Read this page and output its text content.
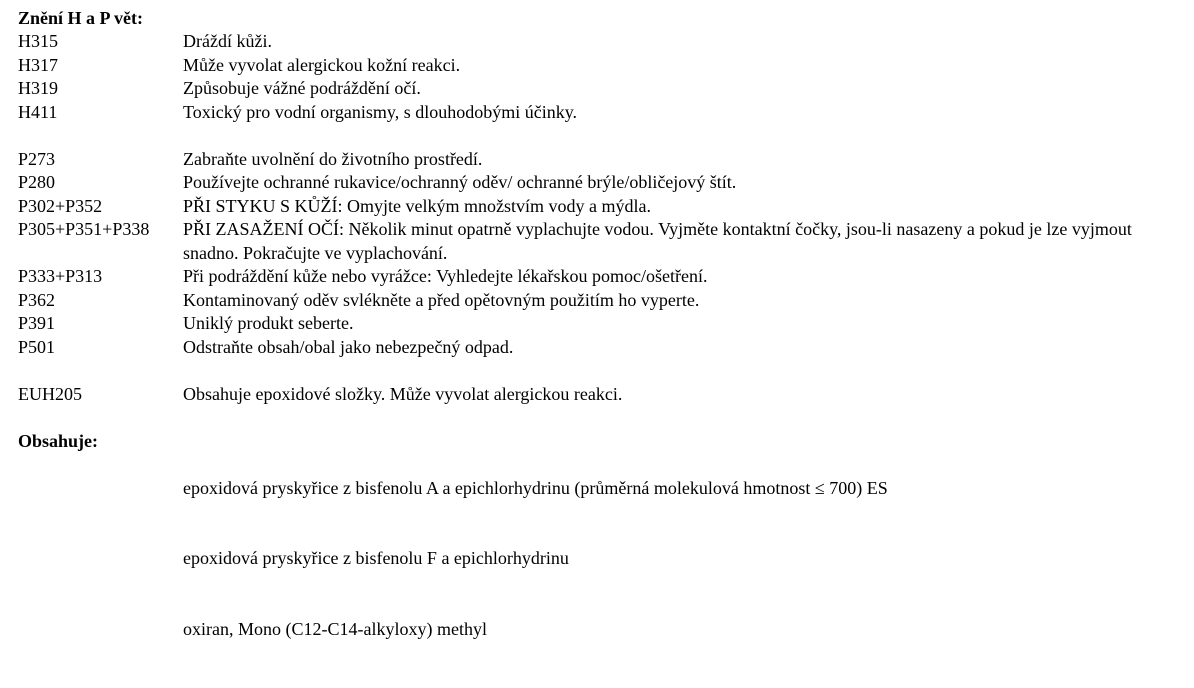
Znění H a P vět:
H315	Dráždí kůži.
H317	Může vyvolat alergickou kožní reakci.
H319	Způsobuje vážné podráždění očí.
H411	Toxický pro vodní organismy, s dlouhodobými účinky.
P273	Zabraňte uvolnění do životního prostředí.
P280	Používejte ochranné rukavice/ochranný oděv/ ochranné brýle/obličejový štít.
P302+P352	PŘI STYKU S KŮŽÍ: Omyjte velkým množstvím vody a mýdla.
P305+P351+P338	PŘI ZASAŽENÍ OČÍ: Několik minut opatrně vyplachujte vodou. Vyjměte kontaktní čočky, jsou-li nasazeny a pokud je lze vyjmout snadno. Pokračujte ve vyplachování.
P333+P313	Při podráždění kůže nebo vyrážce: Vyhledejte lékařskou pomoc/ošetření.
P362	Kontaminovaný oděv svlékněte a před opětovným použitím ho vyperte.
P391	Uniklý produkt seberte.
P501	Odstraňte obsah/obal jako nebezpečný odpad.
EUH205	Obsahuje epoxidové složky. Může vyvolat alergickou reakci.
Obsahuje:

epoxidová pryskyřice z bisfenolu A a epichlorhydrinu (průměrná molekulová hmotnost ≤ 700) ES

epoxidová pryskyřice z bisfenolu F a epichlorhydrinu

oxiran, Mono (C12-C14-alkyloxy) methyl
